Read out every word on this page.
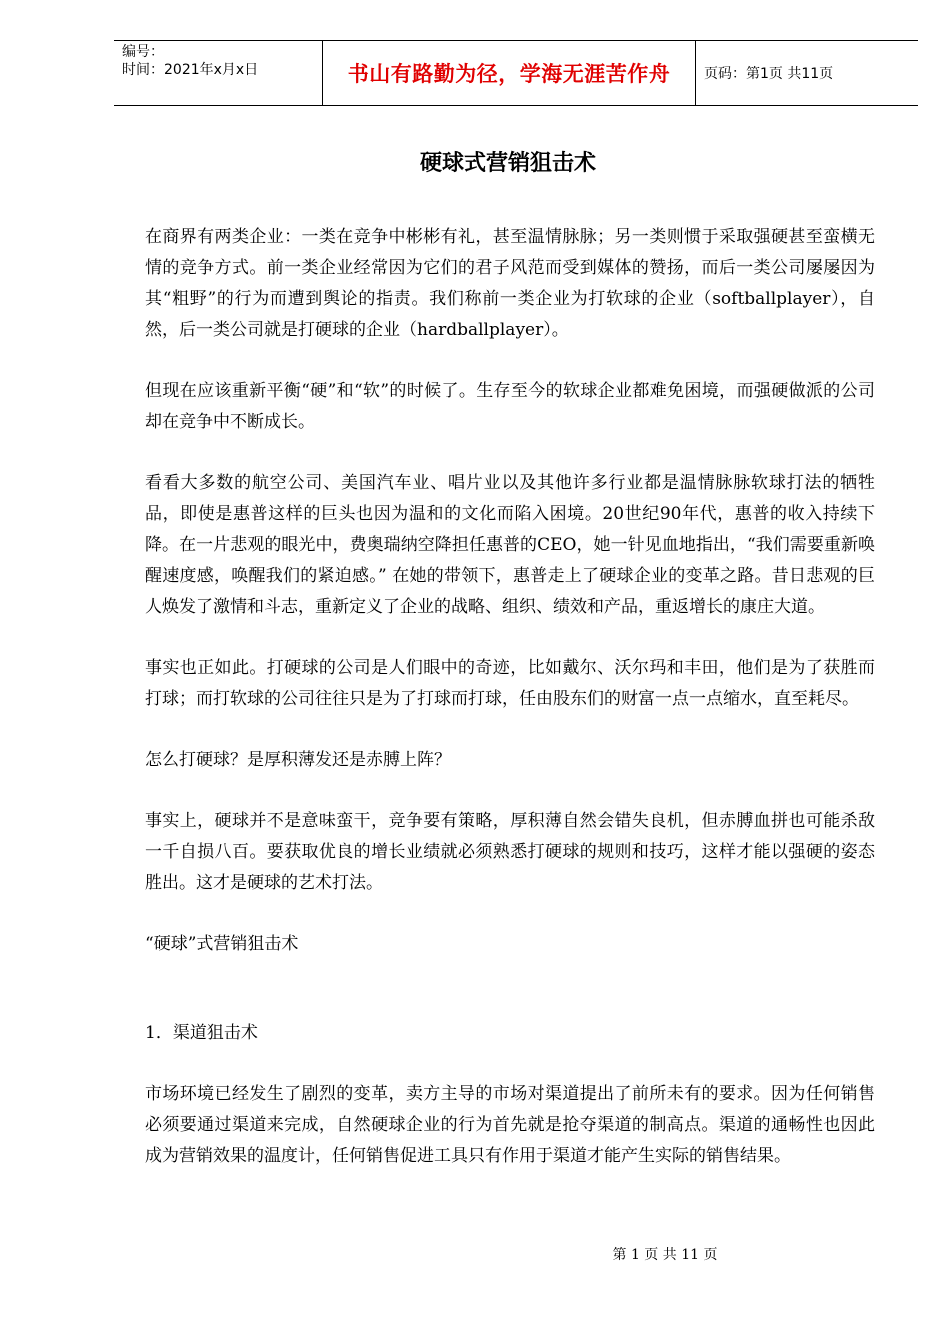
编号：
时间：2021年x月x日	书山有路勤为径，学海无涯苦作舟	页码：第1页 共11页
硬球式营销狙击术

在商界有两类企业：一类在竞争中彬彬有礼，甚至温情脉脉；另一类则惯于采取强硬甚至蛮横无情的竞争方式。前一类企业经常因为它们的君子风范而受到媒体的赞扬，而后一类公司屡屡因为其“粗野”的行为而遭到舆论的指责。我们称前一类企业为打软球的企业（softballplayer），自然，后一类公司就是打硬球的企业（hardballplayer）。

但现在应该重新平衡“硬”和“软”的时候了。生存至今的软球企业都难免困境，而强硬做派的公司却在竞争中不断成长。

看看大多数的航空公司、美国汽车业、唱片业以及其他许多行业都是温情脉脉软球打法的牺牲品，即使是惠普这样的巨头也因为温和的文化而陷入困境。20世纪90年代，惠普的收入持续下降。在一片悲观的眼光中，费奥瑞纳空降担任惠普的CEO，她一针见血地指出，“我们需要重新唤醒速度感，唤醒我们的紧迫感。” 在她的带领下，惠普走上了硬球企业的变革之路。昔日悲观的巨人焕发了激情和斗志，重新定义了企业的战略、组织、绩效和产品，重返增长的康庄大道。

事实也正如此。打硬球的公司是人们眼中的奇迹，比如戴尔、沃尔玛和丰田，他们是为了获胜而打球；而打软球的公司往往只是为了打球而打球，任由股东们的财富一点一点缩水，直至耗尽。

怎么打硬球？是厚积薄发还是赤膊上阵？

事实上，硬球并不是意味蛮干，竞争要有策略，厚积薄自然会错失良机，但赤膊血拼也可能杀敌一千自损八百。要获取优良的增长业绩就必须熟悉打硬球的规则和技巧，这样才能以强硬的姿态胜出。这才是硬球的艺术打法。

“硬球”式营销狙击术

1．渠道狙击术

市场环境已经发生了剧烈的变革，卖方主导的市场对渠道提出了前所未有的要求。因为任何销售必须要通过渠道来完成，自然硬球企业的行为首先就是抢夺渠道的制高点。渠道的通畅性也因此成为营销效果的温度计，任何销售促进工具只有作用于渠道才能产生实际的销售结果。

第 1 页 共 11 页
